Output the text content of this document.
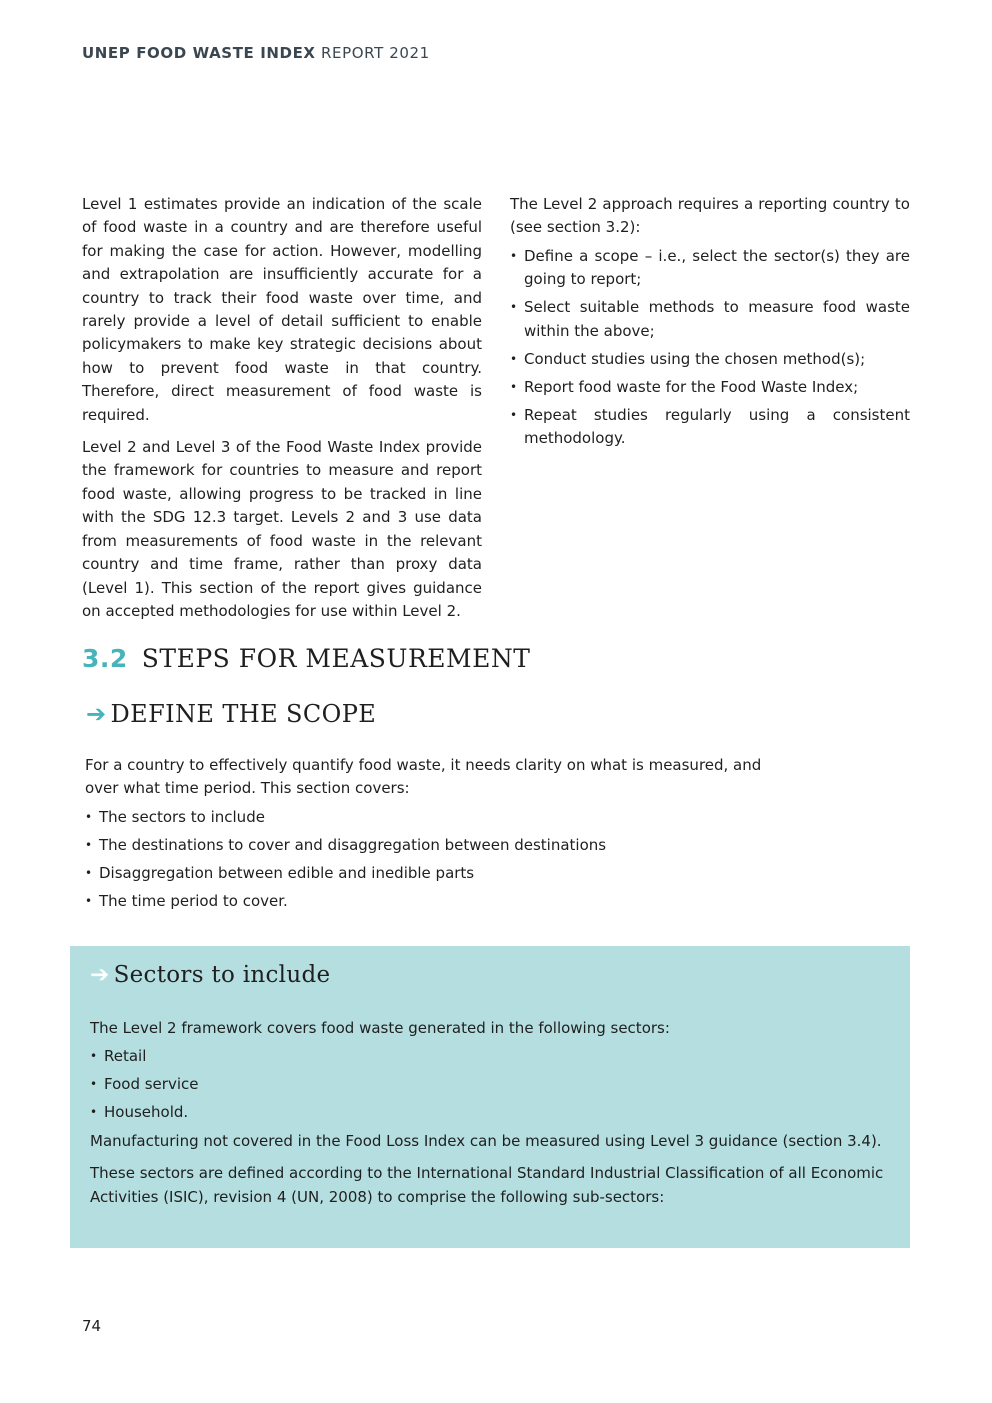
UNEP FOOD WASTE INDEX REPORT 2021

Level 1 estimates provide an indication of the scale of food waste in a country and are therefore useful for making the case for action. However, modelling and extrapolation are insufficiently accurate for a country to track their food waste over time, and rarely provide a level of detail sufficient to enable policymakers to make key strategic decisions about how to prevent food waste in that country. Therefore, direct measurement of food waste is required.

Level 2 and Level 3 of the Food Waste Index provide the framework for countries to measure and report food waste, allowing progress to be tracked in line with the SDG 12.3 target. Levels 2 and 3 use data from measurements of food waste in the relevant country and time frame, rather than proxy data (Level 1). This section of the report gives guidance on accepted methodologies for use within Level 2.

The Level 2 approach requires a reporting country to (see section 3.2):

• Define a scope – i.e., select the sector(s) they are going to report;
• Select suitable methods to measure food waste within the above;
• Conduct studies using the chosen method(s);
• Report food waste for the Food Waste Index;
• Repeat studies regularly using a consistent methodology.
3.2 STEPS FOR MEASUREMENT
➔ DEFINE THE SCOPE

For a country to effectively quantify food waste, it needs clarity on what is measured, and over what time period. This section covers:

• The sectors to include
• The destinations to cover and disaggregation between destinations
• Disaggregation between edible and inedible parts
• The time period to cover.
➔ Sectors to include

The Level 2 framework covers food waste generated in the following sectors:

• Retail
• Food service
• Household.

Manufacturing not covered in the Food Loss Index can be measured using Level 3 guidance (section 3.4).

These sectors are defined according to the International Standard Industrial Classification of all Economic Activities (ISIC), revision 4 (UN, 2008) to comprise the following sub-sectors:

74
